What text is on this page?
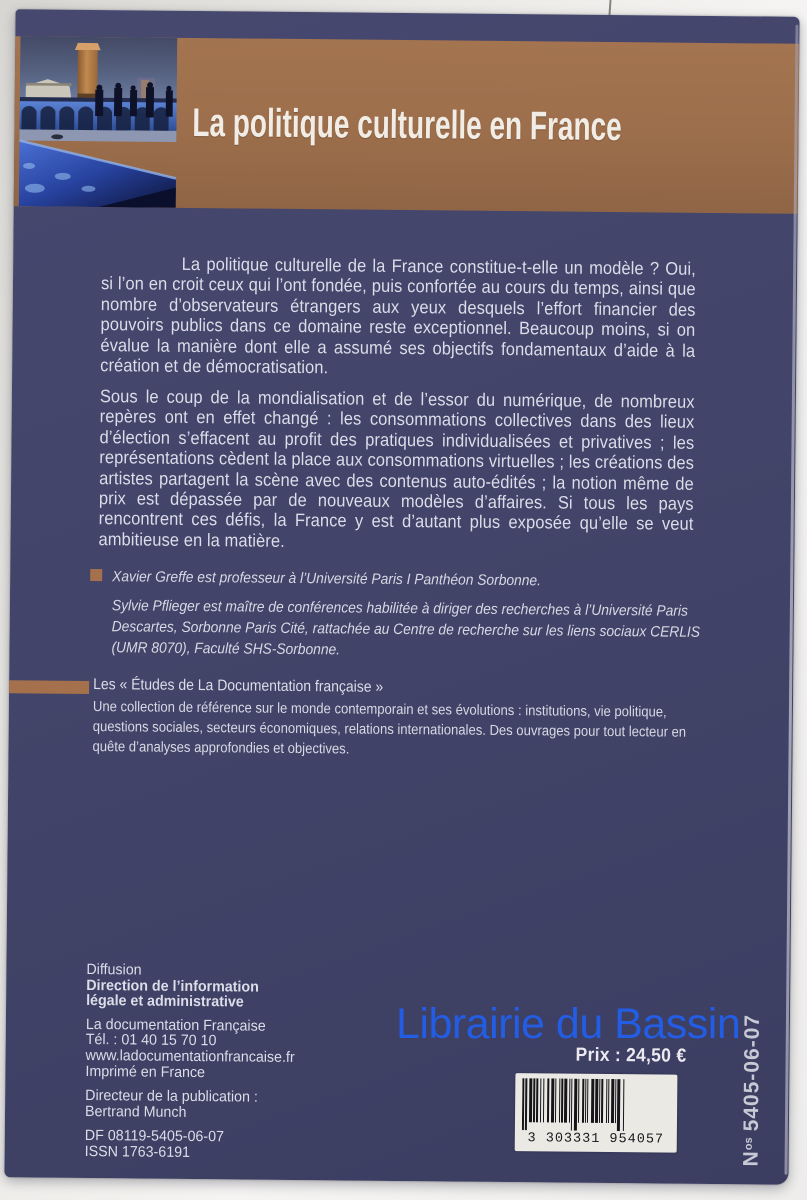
La politique culturelle en France

La politique culturelle de la France constitue-t-elle un modèle ? Oui, si l’on en croit ceux qui l’ont fondée, puis confortée au cours du temps, ainsi que nombre d’observateurs étrangers aux yeux desquels l’effort financier des pouvoirs publics dans ce domaine reste exceptionnel. Beaucoup moins, si on évalue la manière dont elle a assumé ses objectifs fondamentaux d’aide à la création et de démocratisation.

Sous le coup de la mondialisation et de l’essor du numérique, de nombreux repères ont en effet changé : les consommations collectives dans des lieux d’élection s’effacent au profit des pratiques individualisées et privatives ; les représentations cèdent la place aux consommations virtuelles ; les créations des artistes partagent la scène avec des contenus auto-édités ; la notion même de prix est dépassée par de nouveaux modèles d’affaires. Si tous les pays rencontrent ces défis, la France y est d’autant plus exposée qu’elle se veut ambitieuse en la matière.

Xavier Greffe est professeur à l’Université Paris I Panthéon Sorbonne.

Sylvie Pflieger est maître de conférences habilitée à diriger des recherches à l’Université Paris Descartes, Sorbonne Paris Cité, rattachée au Centre de recherche sur les liens sociaux CERLIS (UMR 8070), Faculté SHS-Sorbonne.

Les « Études de La Documentation française »
Une collection de référence sur le monde contemporain et ses évolutions : institutions, vie politique, questions sociales, secteurs économiques, relations internationales. Des ouvrages pour tout lecteur en quête d’analyses approfondies et objectives.
Diffusion
Direction de l’information
légale et administrative
La documentation Française
Tél. : 01 40 15 70 10
www.ladocumentationfrancaise.fr
Imprimé en France
Directeur de la publication :
Bertrand Munch
DF 08119-5405-06-07
ISSN 1763-6191
Prix : 24,50 €
3 303331 954057
$N^{os}5405-06-07$
Librairie du Bassin
